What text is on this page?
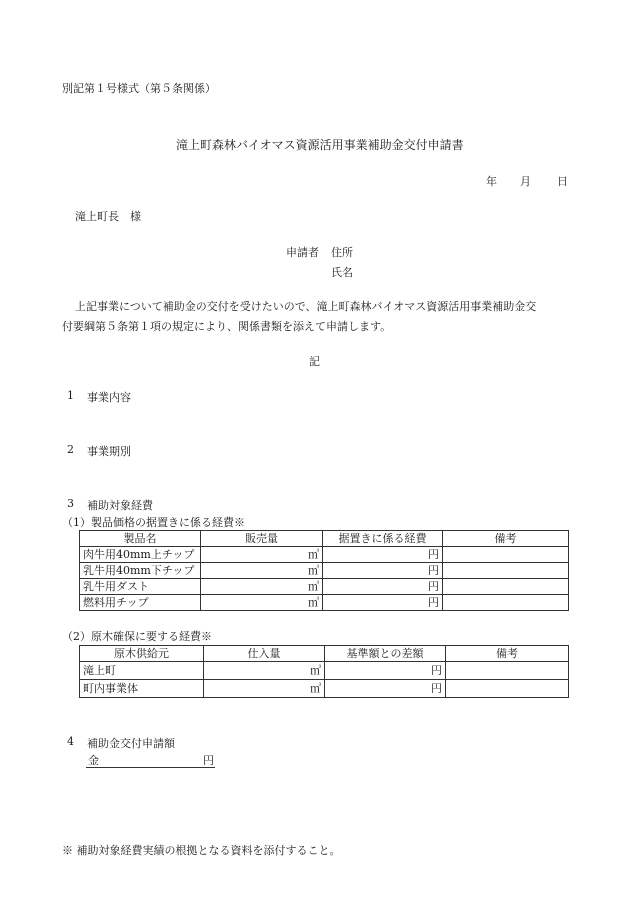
別記第１号様式（第５条関係）
滝上町森林バイオマス資源活用事業補助金交付申請書
年 月 日
滝上町長　様
申請者 住所
氏名
上記事業について補助金の交付を受けたいので、滝上町森林バイオマス資源活用事業補助金交
付要綱第５条第１項の規定により、関係書類を添えて申請します。
記
1 事業内容
2 事業期別
3 補助対象経費
（1）製品価格の据置きに係る経費※
製品名	販売量	据置きに係る経費	備考
肉牛用40mm上チップ	㎥	円	
乳牛用40mm下チップ	㎥	円	
乳牛用ダスト	㎥	円	
燃料用チップ	㎥	円	
（2）原木確保に要する経費※
原木供給元	仕入量	基準額との差額	備考
滝上町	㎥	円	
町内事業体	㎥	円	
4 補助金交付申請額
金	円
※ 補助対象経費実績の根拠となる資料を添付すること。
